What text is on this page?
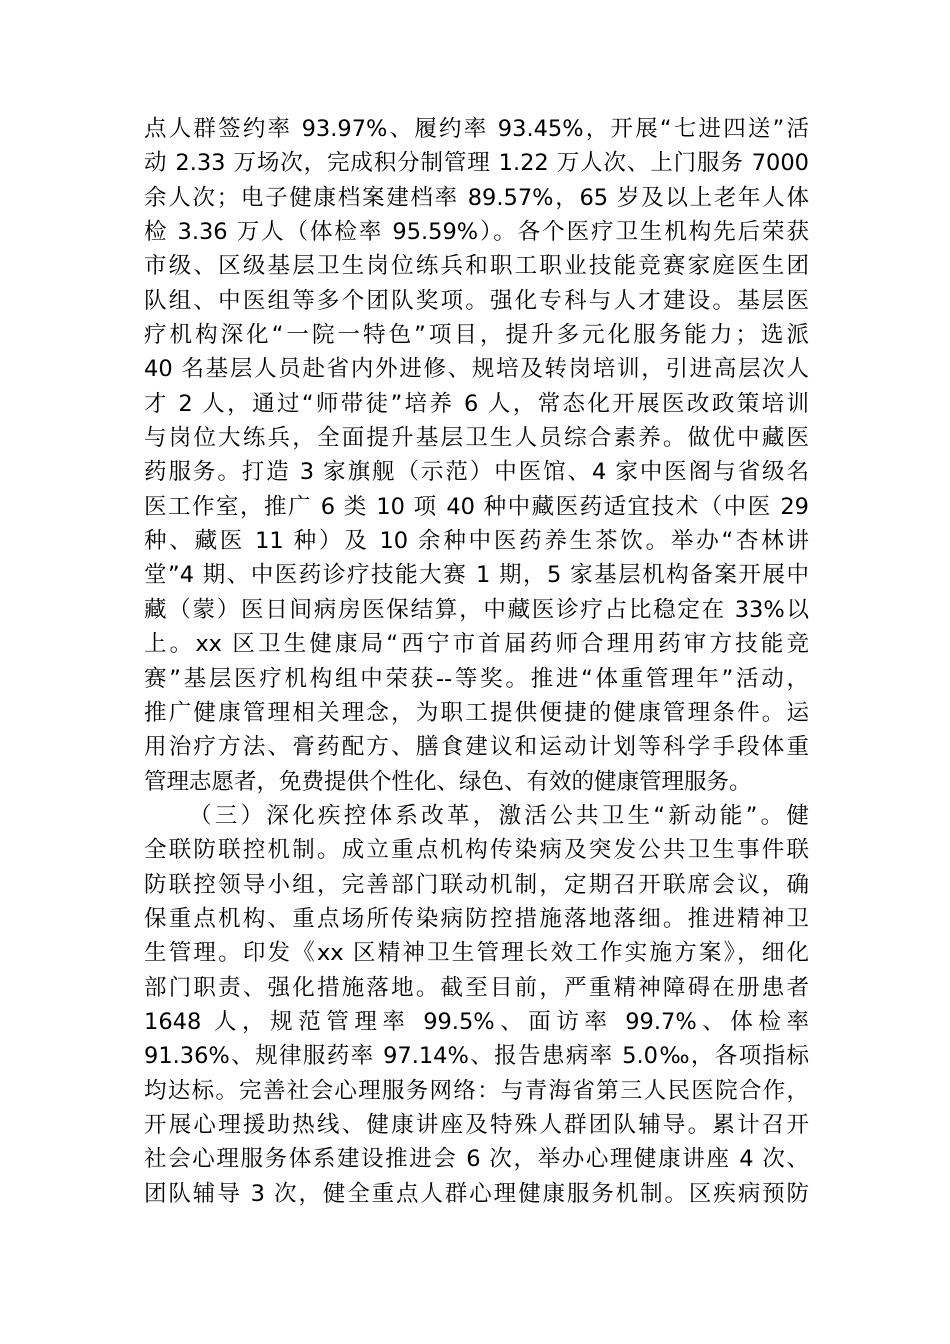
点人群签约率 93.97%、履约率 93.45%，开展“七进四送”活
动 2.33 万场次，完成积分制管理 1.22 万人次、上门服务 7000
余人次；电子健康档案建档率 89.57%，65 岁及以上老年人体
检 3.36 万人（体检率 95.59%）。各个医疗卫生机构先后荣获
市级、区级基层卫生岗位练兵和职工职业技能竞赛家庭医生团
队组、中医组等多个团队奖项。强化专科与人才建设。基层医
疗机构深化“一院一特色”项目，提升多元化服务能力；选派
40 名基层人员赴省内外进修、规培及转岗培训，引进高层次人
才 2 人，通过“师带徒”培养 6 人，常态化开展医改政策培训
与岗位大练兵，全面提升基层卫生人员综合素养。做优中藏医
药服务。打造 3 家旗舰（示范）中医馆、4 家中医阁与省级名
医工作室，推广 6 类 10 项 40 种中藏医药适宜技术（中医 29
种、藏医 11 种）及 10 余种中医药养生茶饮。举办“杏林讲
堂”4 期、中医药诊疗技能大赛 1 期，5 家基层机构备案开展中
藏（蒙）医日间病房医保结算，中藏医诊疗占比稳定在 33%以
上。xx 区卫生健康局“西宁市首届药师合理用药审方技能竞
赛”基层医疗机构组中荣获--等奖。推进“体重管理年”活动，
推广健康管理相关理念，为职工提供便捷的健康管理条件。运
用治疗方法、膏药配方、膳食建议和运动计划等科学手段体重
管理志愿者，免费提供个性化、绿色、有效的健康管理服务。
（三）深化疾控体系改革，激活公共卫生“新动能”。健
全联防联控机制。成立重点机构传染病及突发公共卫生事件联
防联控领导小组，完善部门联动机制，定期召开联席会议，确
保重点机构、重点场所传染病防控措施落地落细。推进精神卫
生管理。印发《xx 区精神卫生管理长效工作实施方案》，细化
部门职责、强化措施落地。截至目前，严重精神障碍在册患者
1648 人，规范管理率 99.5%、面访率 99.7%、体检率
91.36%、规律服药率 97.14%、报告患病率 5.0‰，各项指标
均达标。完善社会心理服务网络：与青海省第三人民医院合作，
开展心理援助热线、健康讲座及特殊人群团队辅导。累计召开
社会心理服务体系建设推进会 6 次，举办心理健康讲座 4 次、
团队辅导 3 次，健全重点人群心理健康服务机制。区疾病预防
